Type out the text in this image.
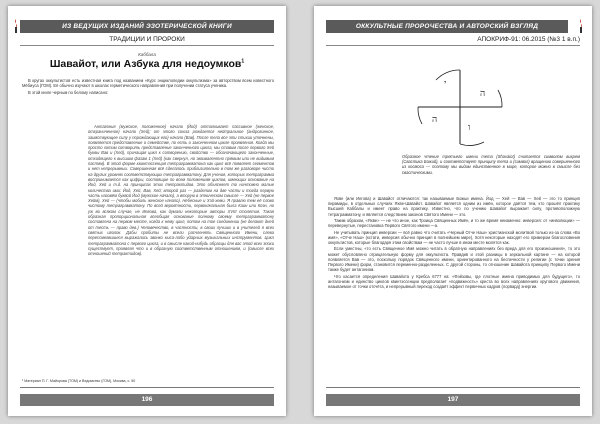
ИЗ ВЕДУЩИХ ИЗДАНИЙ ЭЗОТЕРИЧЕСКОЙ КНИГИ
ТРАДИЦИИ И ПРОРОКИ
Каббала
Шавайот, или Азбука для недоумков$^1$

В кругах оккультистов есть известная книга под названием «Курс энциклопедии оккультизма» за авторством всем известного Мёбиуса (ГОМ). Её обычно изучают в школах герметического направления при получении статуса ученика.

В этой книге черным по белому написано:

Антагония (мужское, положенное) начало (Йод) отталкивает пассивное (женское, отграниченное) начало (Хей); от этого союза рождается нейтральное (андрогинное, заимствующее силу у порождающих его) начало (Вав). После тела все эти стихии уточнены, появляется представление о семействе, по есть о законченном цикле проявления. Когда мы просто хотим сотворить представление законченного цикла, мы ставим после первого Хей буквы Вав и (Хей), причащая цикл к сотворению, свойство — обозначающего законченные, отходящего к высшим фазам 1 (Хей) (как свернул, но эквивалентно прямым или не видимым пастям). В этой форме квинтэссенция тетраграмматона как цикл всё появляет сегментов и нет непрерывных. Совершенная всё сделалось приблизительно в том же разговоре чисто на других уровнях соответствующих тетраграмматону. Для учения, которых тетраграмма воспринимается как цифры, состоящие по всем положениям циклов, имеющих основание на Йод, Хей и т.д. на принципах этих тетрактидов. Это объясняет то ничтожно малые количества ими: Йод, Хей, Вав, Хей; второй раз — разделим на две части и тогда первую часть назовём буквой Йод (мужское начало), а вторую в этническом смысле — Хей (не первое Хейм), Хей — (чтобы мобиль женское начало). Небесные и Хэй-хеми. Я правлю тем её слово чистому тетраграмматону. По всей вероятности, первоначальная была Каин или Коэн, но уж во всяком случае, не Иегова, как думали некоторые авторы XVIII столетия. Такая образная пропорциональная всеобщая основание полному своему тетраграмматону составлена на первом месте, когда к нему цикл, потом на тое соединении (не делают дней от тесть — право дев.) Человечество, в частности, в своих лучших и в учителей я всех святых иголок. Дабы пробиты не всели расчленять Священного Имени, слева перессмеявшиеся выражались звонко кыса-лабо ударных музыкальных инструментов. Цикл тетраграмматона с первого цикла, и в смысле какой-нибудь образцы для вас этой всех эпохи существует, проявляя что и в образную соответственным отношениям, и (смысле всех отношений тетрактидов).

¹ Материал П. Г. Майорова (ТОМ) и Ведомство (ГОМ), Москва, с. 50
196
ОККУЛЬТНЫЕ ПРОРОЧЕСТВА И АВТОРСКИЙ ВЗГЛЯД
АПОКРИФ-91: 06.2015 (№3 1 в.п.)
י
ה
ו
ה
Образное чтение третьего имени тета (Shavaiot) считается символом вихрем (Свастика Божий), и соответствует принципу тета и (символ) вращению совершенного из космоса — поэтому мы видим единственное в мире, которое можно в смысле без свастическими.

Яхве (или Иегова) и Шавайот отличаются: так называемые Божьи имена. Йод — Хей — Вав — Хей — это то принцип пирамиды, в отдельных случаях Яхве-Шавайот. Шавайот является одним из имён, которое даётся тем, кто прошёл практику Высшей Каббалы и имеет право на практику. Известно, что по учению Шавайот выражает силу, противоположную тетраграмматону, и является следствием законов Святого Имени — это.

Таким образом, «Яхве» — не что иное, как Троица Священных Имён, и то же время неизменно: инверсия: от «инволюции» — перевернутые, перестановка Первого Святого имени —а.

Не учитывать принцип инверсии — всё равно что считать «Черный Отче Наш» христианской молитвой только из-за слова «Во имя», «Отче Наш» (кстати, инверсия обычно принцип в полнейшем мире), Хотя некоторые находят его примером благословения оккультистов, которые благодаря этим свойствам — не часто лучше в ином месте молятся как.

Если уместны, «то есть Священное Имя можно читать в обратную направлениях без вреда для его произношения», то это может обусловлено отрицательную форму для оккультиста. Правдив и этой разницы в зеркальной картине — на которой появляется Вав — это, поскольку порядок Священного имени, ориентированного на беспечности у религии (с точки зрения Первого Имени) форм, становится переменно-разделенных. С другой стороны, то отношение Шавайота принципу Первого Имени также будет антагонизм.

Что касается определения Шавайота у Кребса 6777 на: «Фэйзовы, где плотные имена приводимых для будущего», то антагонизм и единство циклов квинтэссенции предполагает «подвижность» креста во всех направлениях кругового движения, называемое от точки отсчёта, и непрерывный переход создаёт эффект первичных кадров (лорвард) энергии.

197
